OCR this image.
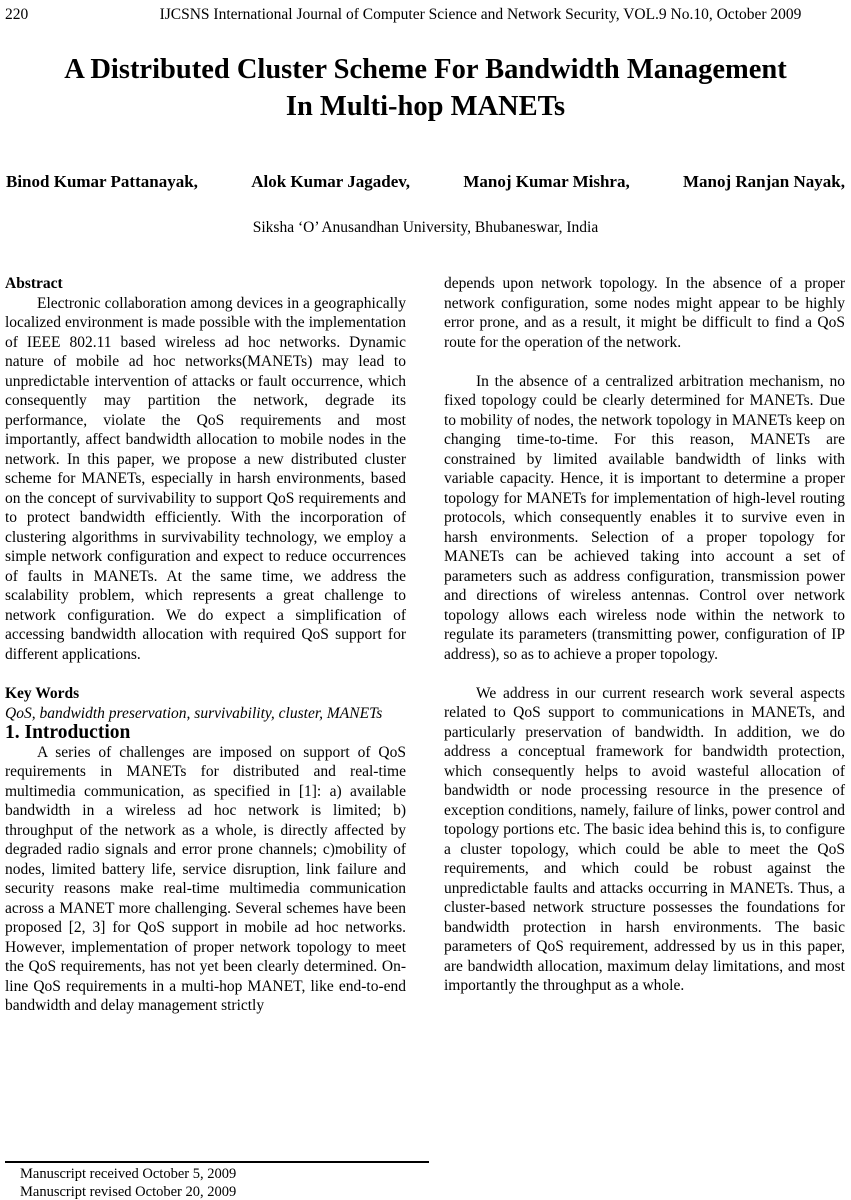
220	IJCSNS International Journal of Computer Science and Network Security, VOL.9 No.10, October 2009
A Distributed Cluster Scheme For Bandwidth Management
In Multi-hop MANETs
Binod Kumar Pattanayak,	Alok Kumar Jagadev,	Manoj Kumar Mishra,	Manoj Ranjan Nayak,
Siksha ‘O’ Anusandhan University, Bhubaneswar, India

Abstract

Electronic collaboration among devices in a geographically localized environment is made possible with the implementation of IEEE 802.11 based wireless ad hoc networks. Dynamic nature of mobile ad hoc networks(MANETs) may lead to unpredictable intervention of attacks or fault occurrence, which consequently may partition the network, degrade its performance, violate the QoS requirements and most importantly, affect bandwidth allocation to mobile nodes in the network. In this paper, we propose a new distributed cluster scheme for MANETs, especially in harsh environments, based on the concept of survivability to support QoS requirements and to protect bandwidth efficiently. With the incorporation of clustering algorithms in survivability technology, we employ a simple network configuration and expect to reduce occurrences of faults in MANETs. At the same time, we address the scalability problem, which represents a great challenge to network configuration. We do expect a simplification of accessing bandwidth allocation with required QoS support for different applications.

Key Words

QoS, bandwidth preservation, survivability, cluster, MANETs

1. Introduction

A series of challenges are imposed on support of QoS requirements in MANETs for distributed and real-time multimedia communication, as specified in [1]: a) available bandwidth in a wireless ad hoc network is limited; b) throughput of the network as a whole, is directly affected by degraded radio signals and error prone channels; c)mobility of nodes, limited battery life, service disruption, link failure and security reasons make real-time multimedia communication across a MANET more challenging. Several schemes have been proposed [2, 3] for QoS support in mobile ad hoc networks. However, implementation of proper network topology to meet the QoS requirements, has not yet been clearly determined. On-line QoS requirements in a multi-hop MANET, like end-to-end bandwidth and delay management strictly

depends upon network topology. In the absence of a proper network configuration, some nodes might appear to be highly error prone, and as a result, it might be difficult to find a QoS route for the operation of the network.

In the absence of a centralized arbitration mechanism, no fixed topology could be clearly determined for MANETs. Due to mobility of nodes, the network topology in MANETs keep on changing time-to-time. For this reason, MANETs are constrained by limited available bandwidth of links with variable capacity. Hence, it is important to determine a proper topology for MANETs for implementation of high-level routing protocols, which consequently enables it to survive even in harsh environments. Selection of a proper topology for MANETs can be achieved taking into account a set of parameters such as address configuration, transmission power and directions of wireless antennas. Control over network topology allows each wireless node within the network to regulate its parameters (transmitting power, configuration of IP address), so as to achieve a proper topology.

We address in our current research work several aspects related to QoS support to communications in MANETs, and particularly preservation of bandwidth. In addition, we do address a conceptual framework for bandwidth protection, which consequently helps to avoid wasteful allocation of bandwidth or node processing resource in the presence of exception conditions, namely, failure of links, power control and topology portions etc. The basic idea behind this is, to configure a cluster topology, which could be able to meet the QoS requirements, and which could be robust against the unpredictable faults and attacks occurring in MANETs. Thus, a cluster-based network structure possesses the foundations for bandwidth protection in harsh environments. The basic parameters of QoS requirement, addressed by us in this paper, are bandwidth allocation, maximum delay limitations, and most importantly the throughput as a whole.

Manuscript received October 5, 2009
Manuscript revised October 20, 2009
